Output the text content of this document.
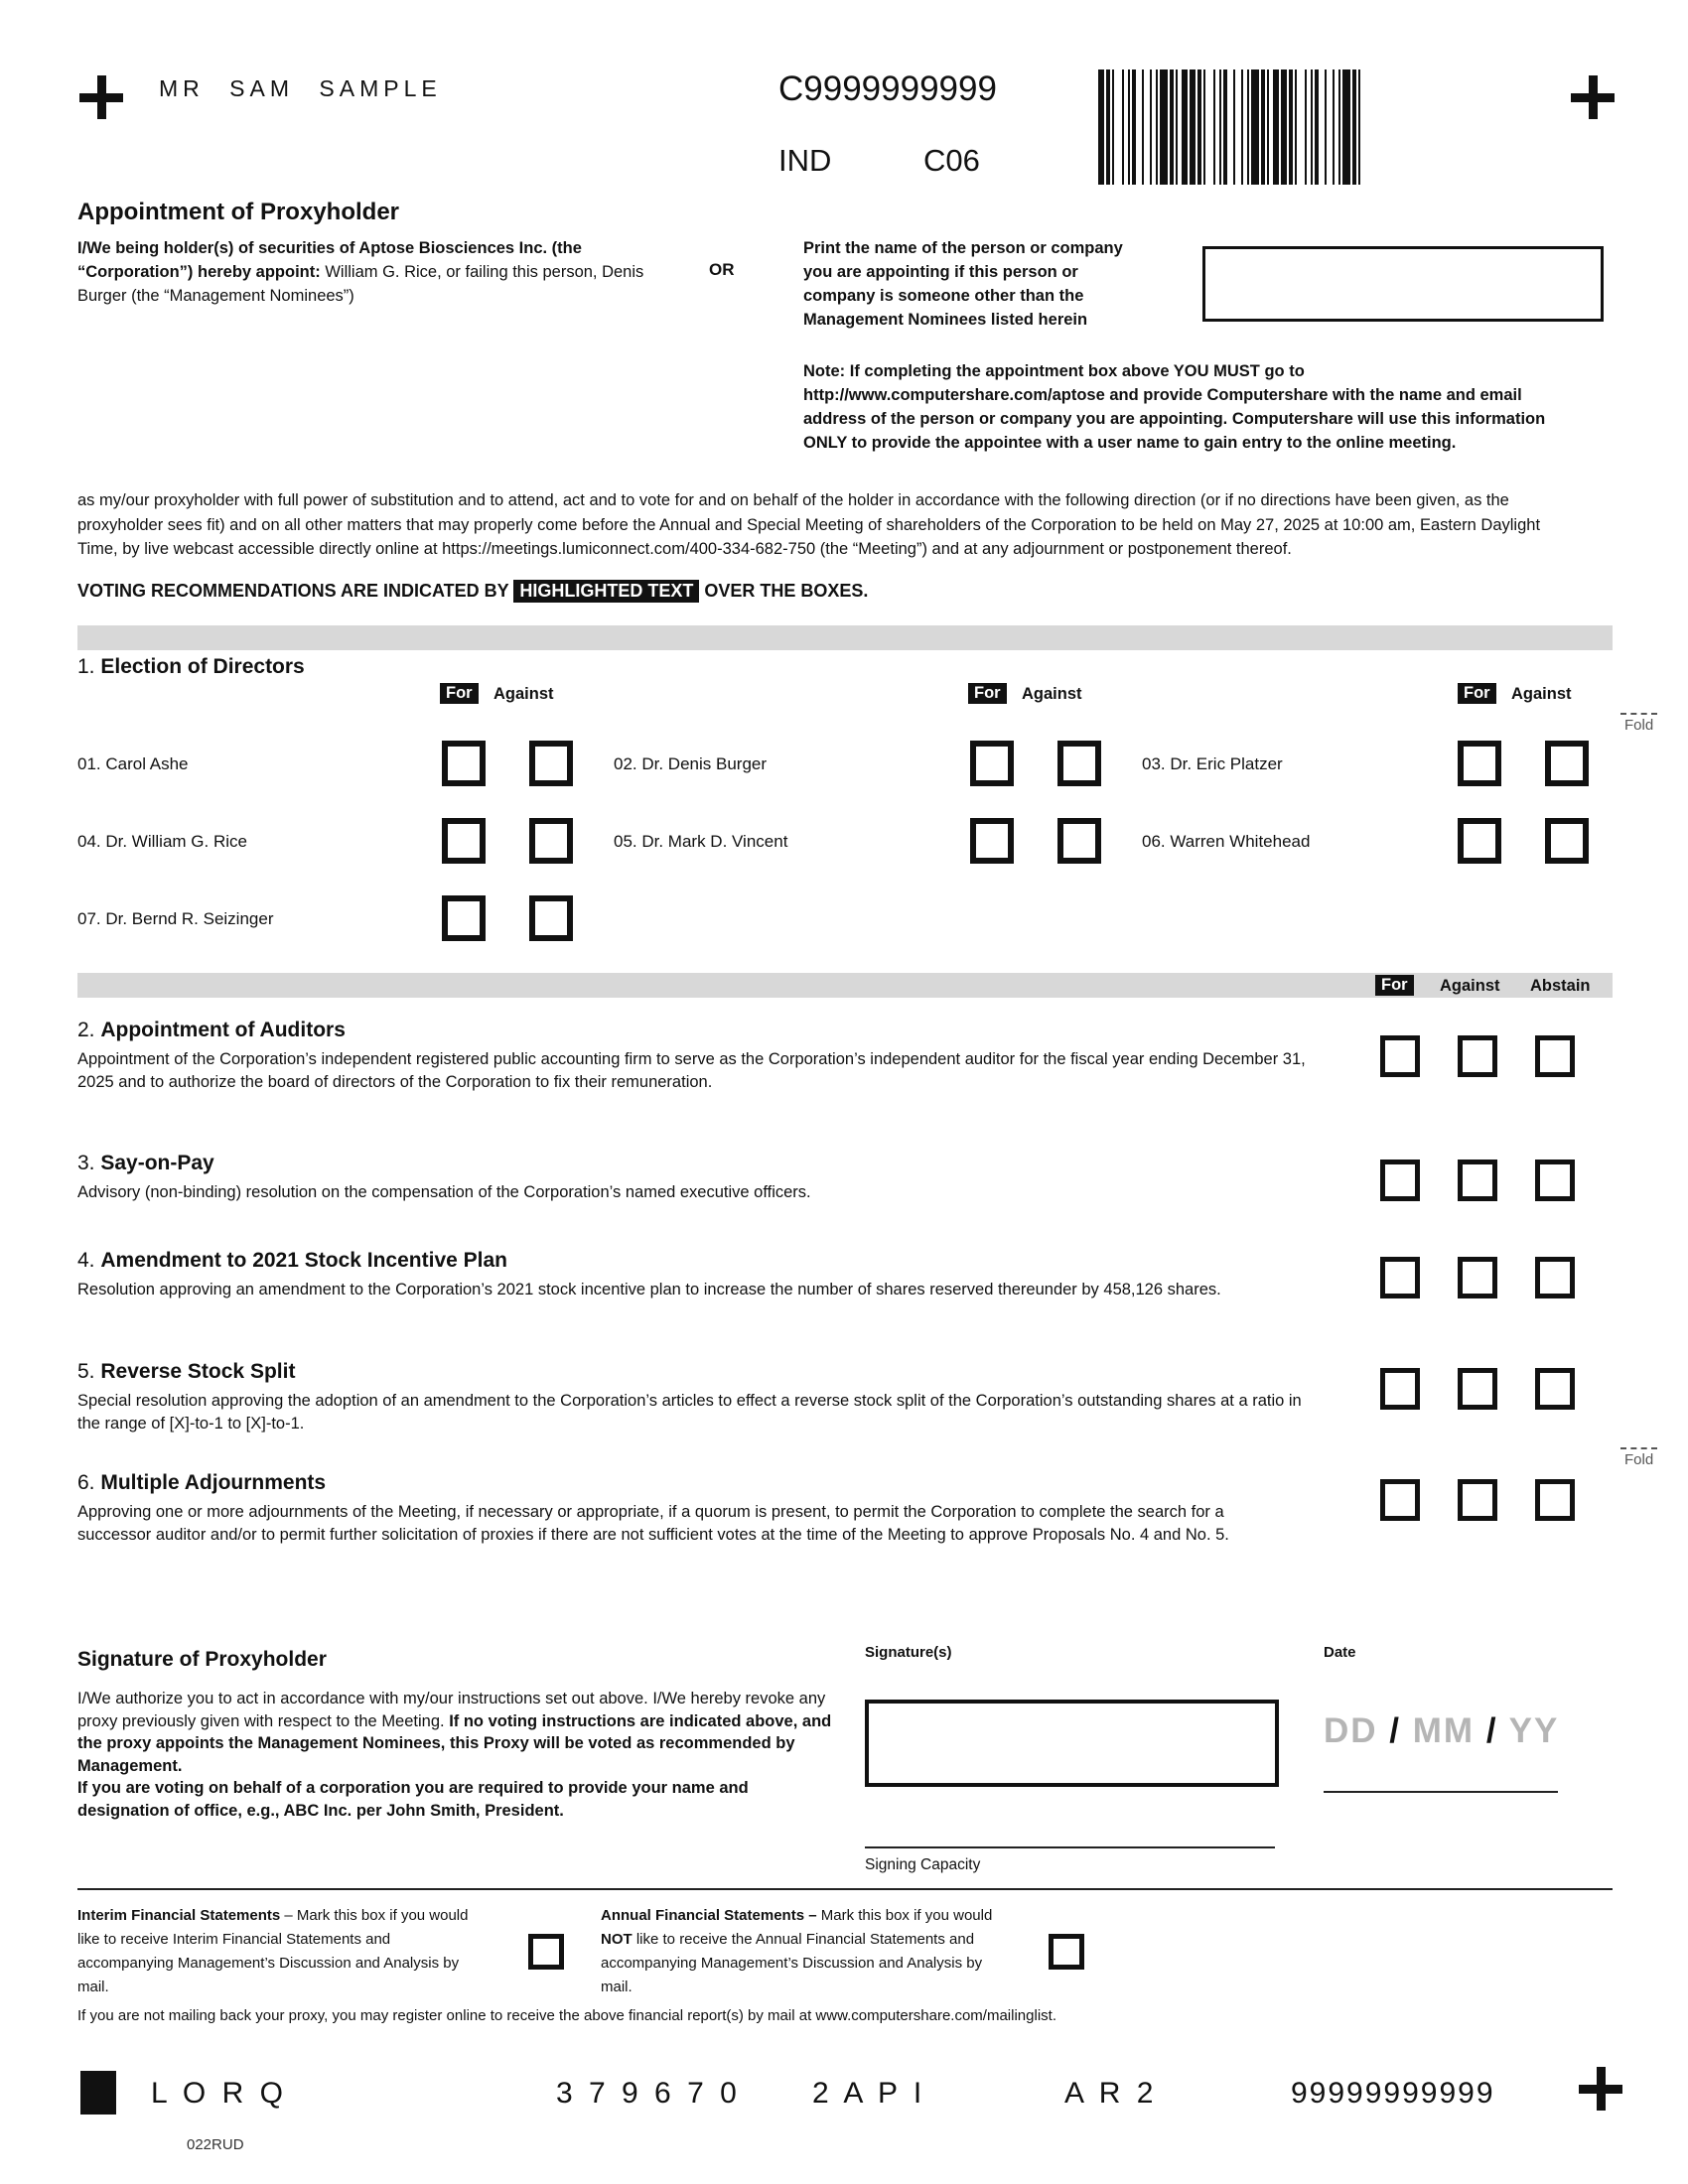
MR SAM SAMPLE	C9999999999
IND	C06
Appointment of Proxyholder
I/We being holder(s) of securities of Aptose Biosciences Inc. (the “Corporation”) hereby appoint: William G. Rice, or failing this person, Denis Burger (the “Management Nominees”)
OR
Print the name of the person or company you are appointing if this person or company is someone other than the Management Nominees listed herein
Note: If completing the appointment box above YOU MUST go to http://www.computershare.com/aptose and provide Computershare with the name and email address of the person or company you are appointing. Computershare will use this information ONLY to provide the appointee with a user name to gain entry to the online meeting.
as my/our proxyholder with full power of substitution and to attend, act and to vote for and on behalf of the holder in accordance with the following direction (or if no directions have been given, as the proxyholder sees fit) and on all other matters that may properly come before the Annual and Special Meeting of shareholders of the Corporation to be held on May 27, 2025 at 10:00 am, Eastern Daylight Time, by live webcast accessible directly online at https://meetings.lumiconnect.com/400-334-682-750 (the “Meeting”) and at any adjournment or postponement thereof.
VOTING RECOMMENDATIONS ARE INDICATED BY HIGHLIGHTED TEXT OVER THE BOXES.
1. Election of Directors
For	Against	For	Against	For	Against
Fold
01. Carol Ashe	02. Dr. Denis Burger	03. Dr. Eric Platzer
04. Dr. William G. Rice	05. Dr. Mark D. Vincent	06. Warren Whitehead
07. Dr. Bernd R. Seizinger
For	Against Abstain
2. Appointment of Auditors
Appointment of the Corporation’s independent registered public accounting firm to serve as the Corporation’s independent auditor for the fiscal year ending December 31, 2025 and to authorize the board of directors of the Corporation to fix their remuneration.
3. Say-on-Pay
Advisory (non-binding) resolution on the compensation of the Corporation’s named executive officers.
4. Amendment to 2021 Stock Incentive Plan
Resolution approving an amendment to the Corporation’s 2021 stock incentive plan to increase the number of shares reserved thereunder by 458,126 shares.
5. Reverse Stock Split
Special resolution approving the adoption of an amendment to the Corporation’s articles to effect a reverse stock split of the Corporation’s outstanding shares at a ratio in the range of [X]-to-1 to [X]-to-1.
Fold
6. Multiple Adjournments
Approving one or more adjournments of the Meeting, if necessary or appropriate, if a quorum is present, to permit the Corporation to complete the search for a successor auditor and/or to permit further solicitation of proxies if there are not sufficient votes at the time of the Meeting to approve Proposals No. 4 and No. 5.
Signature of Proxyholder	Signature(s)	Date
I/We authorize you to act in accordance with my/our instructions set out above. I/We hereby revoke any proxy previously given with respect to the Meeting. If no voting instructions are indicated above, and the proxy appoints the Management Nominees, this Proxy will be voted as recommended by Management.
If you are voting on behalf of a corporation you are required to provide your name and designation of office, e.g., ABC Inc. per John Smith, President.
DD / MM / YY
Signing Capacity
Interim Financial Statements – Mark this box if you would like to receive Interim Financial Statements and accompanying Management’s Discussion and Analysis by mail.
Annual Financial Statements – Mark this box if you would NOT like to receive the Annual Financial Statements and accompanying Management’s Discussion and Analysis by mail.
If you are not mailing back your proxy, you may register online to receive the above financial report(s) by mail at www.computershare.com/mailinglist.
L O R Q	3 7 9 6 7 0 2 A P I	A R 2	99999999999
022RUD
